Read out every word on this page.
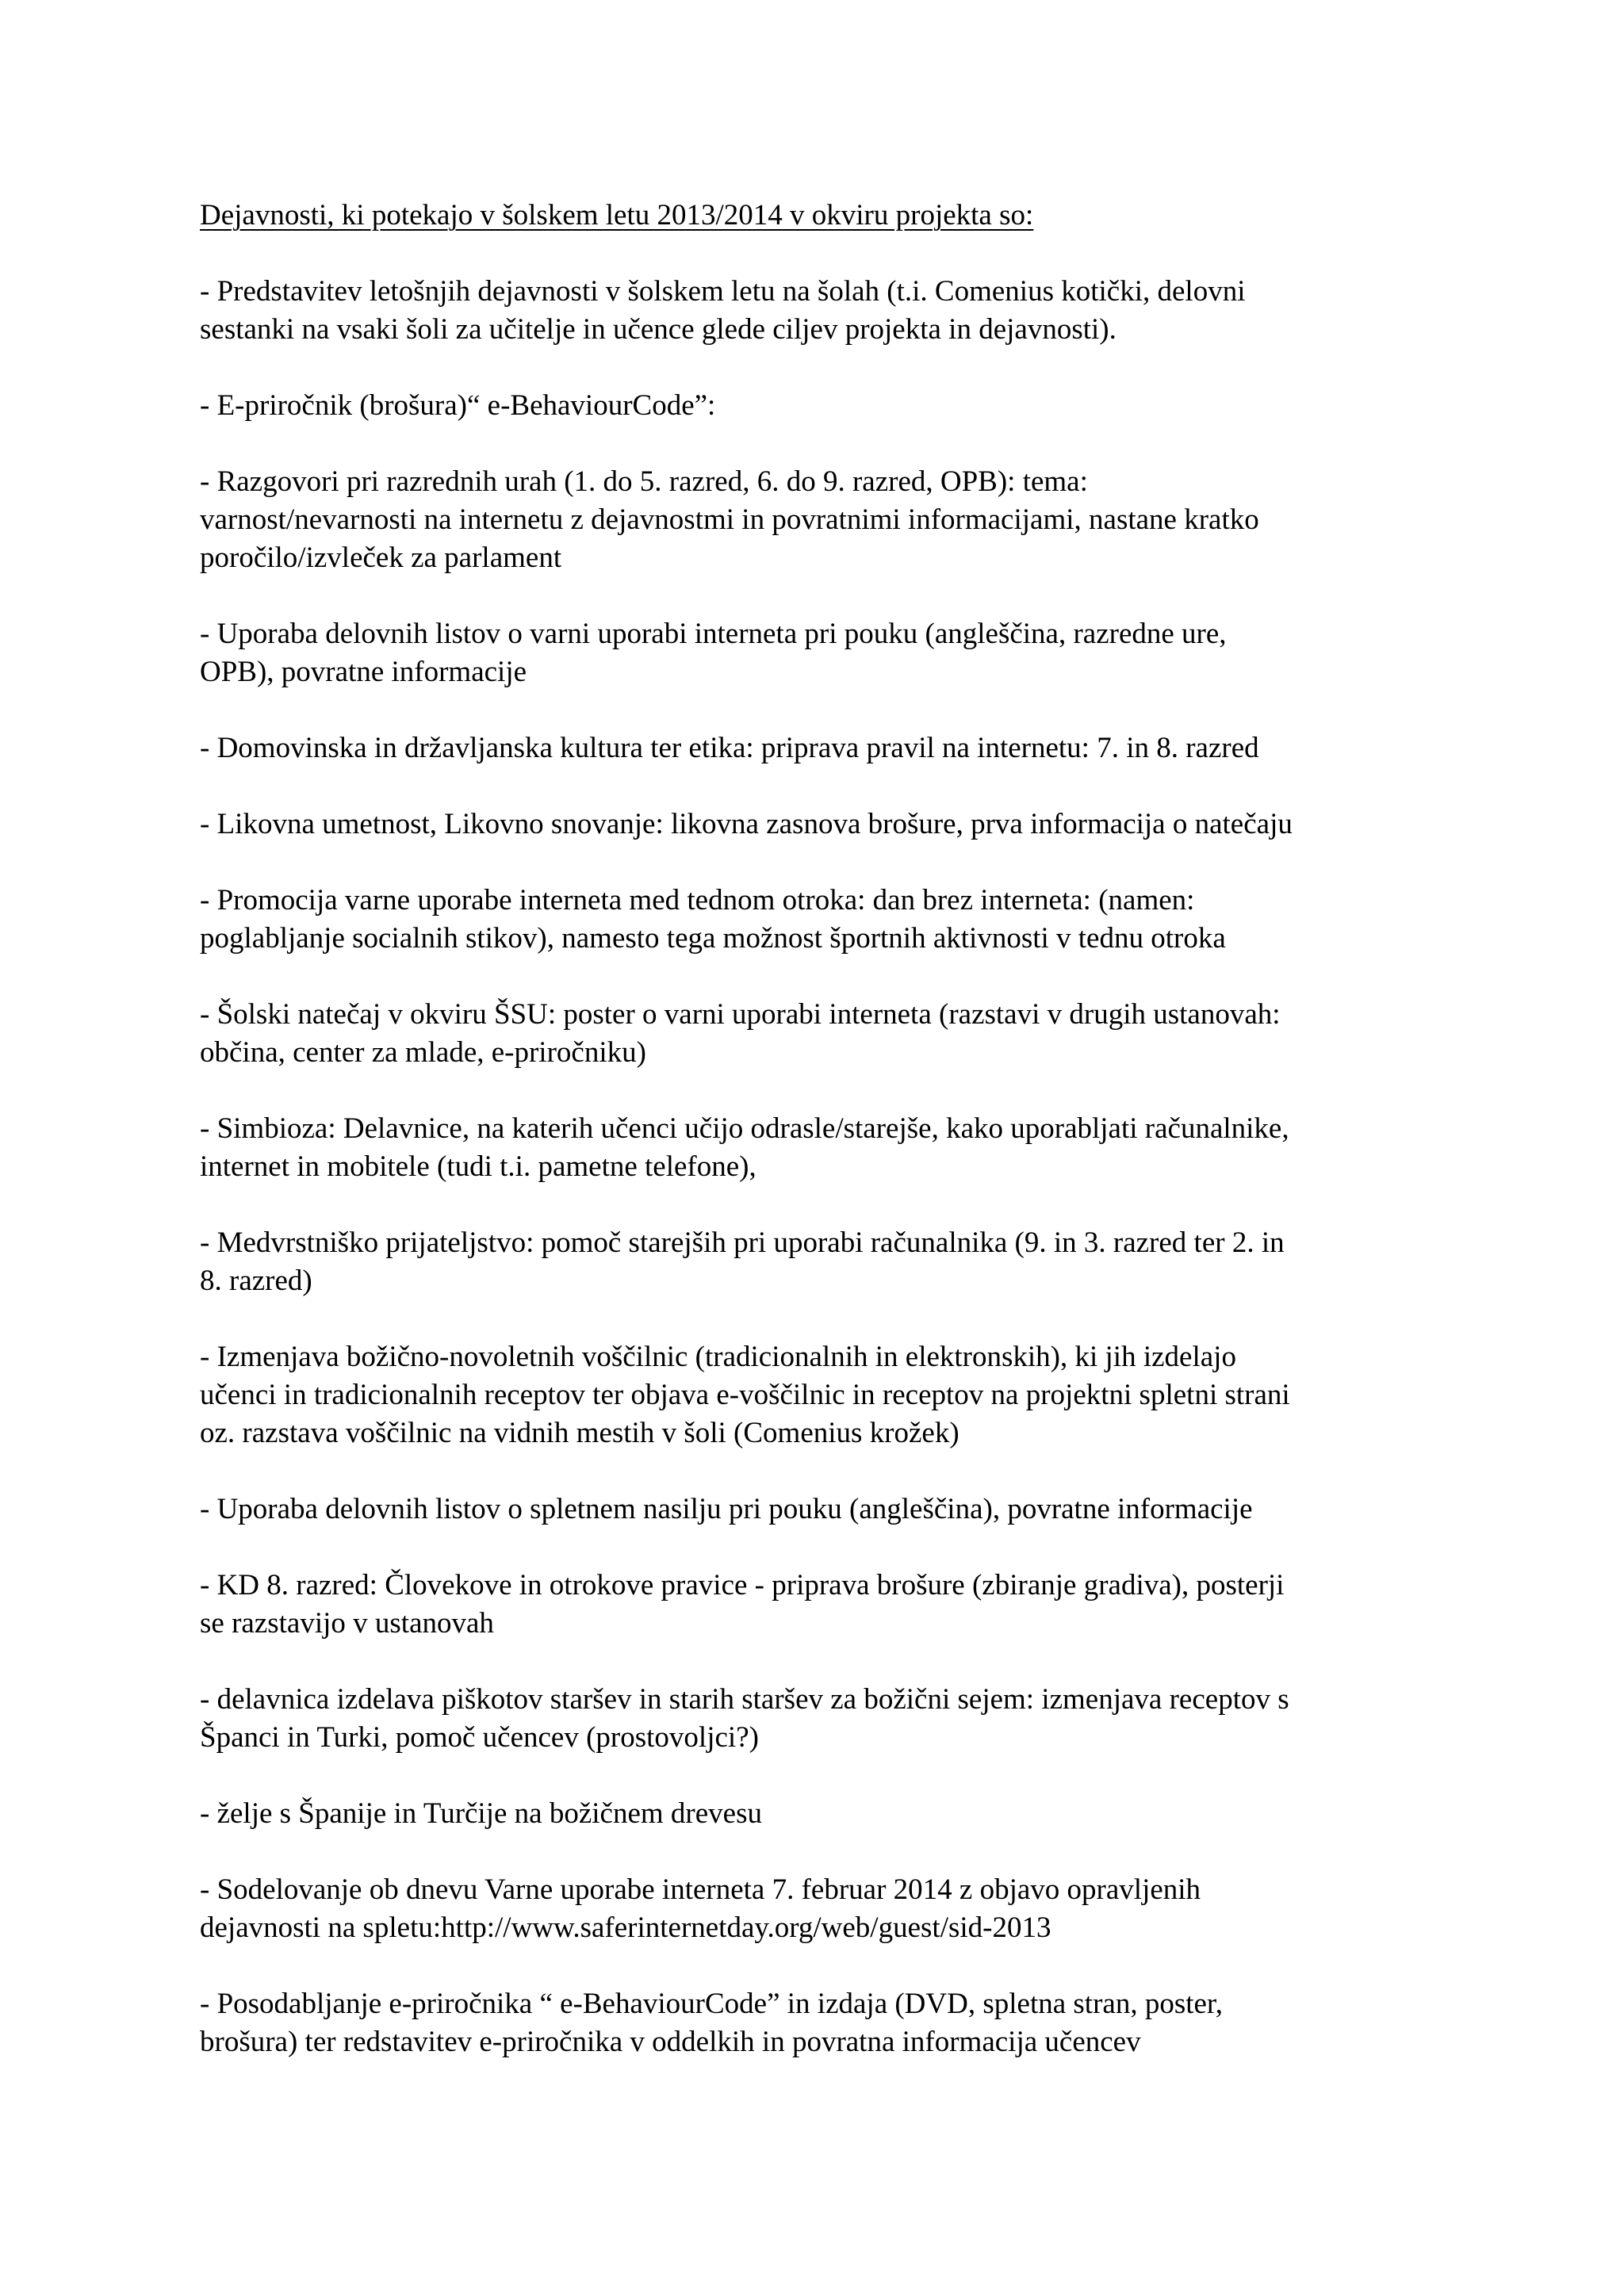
Dejavnosti, ki potekajo v šolskem letu 2013/2014 v okviru projekta so:
- Predstavitev letošnjih dejavnosti v šolskem letu na šolah (t.i. Comenius kotički, delovni
sestanki na vsaki šoli za učitelje in učence glede ciljev projekta in dejavnosti).
- E-priročnik (brošura)“ e-BehaviourCode”:
- Razgovori pri razrednih urah (1. do 5. razred, 6. do 9. razred, OPB): tema:
varnost/nevarnosti na internetu z dejavnostmi in povratnimi informacijami, nastane kratko
poročilo/izvleček za parlament
- Uporaba delovnih listov o varni uporabi interneta pri pouku (angleščina, razredne ure,
OPB), povratne informacije
- Domovinska in državljanska kultura ter etika: priprava pravil na internetu: 7. in 8. razred
- Likovna umetnost, Likovno snovanje: likovna zasnova brošure, prva informacija o natečaju
- Promocija varne uporabe interneta med tednom otroka: dan brez interneta: (namen:
poglabljanje socialnih stikov), namesto tega možnost športnih aktivnosti v tednu otroka
- Šolski natečaj v okviru ŠSU: poster o varni uporabi interneta (razstavi v drugih ustanovah:
občina, center za mlade, e-priročniku)
- Simbioza: Delavnice, na katerih učenci učijo odrasle/starejše, kako uporabljati računalnike,
internet in mobitele (tudi t.i. pametne telefone),
- Medvrstniško prijateljstvo: pomoč starejših pri uporabi računalnika (9. in 3. razred ter 2. in
8. razred)
- Izmenjava božično-novoletnih voščilnic (tradicionalnih in elektronskih), ki jih izdelajo
učenci in tradicionalnih receptov ter objava e-voščilnic in receptov na projektni spletni strani
oz. razstava voščilnic na vidnih mestih v šoli (Comenius krožek)
- Uporaba delovnih listov o spletnem nasilju pri pouku (angleščina), povratne informacije
- KD 8. razred: Človekove in otrokove pravice - priprava brošure (zbiranje gradiva), posterji
se razstavijo v ustanovah
- delavnica izdelava piškotov staršev in starih staršev za božični sejem: izmenjava receptov s
Španci in Turki, pomoč učencev (prostovoljci?)
- želje s Španije in Turčije na božičnem drevesu
- Sodelovanje ob dnevu Varne uporabe interneta 7. februar 2014 z objavo opravljenih
dejavnosti na spletu:http://www.saferinternetday.org/web/guest/sid-2013
- Posodabljanje e-priročnika “ e-BehaviourCode” in izdaja (DVD, spletna stran, poster,
brošura) ter redstavitev e-priročnika v oddelkih in povratna informacija učencev
